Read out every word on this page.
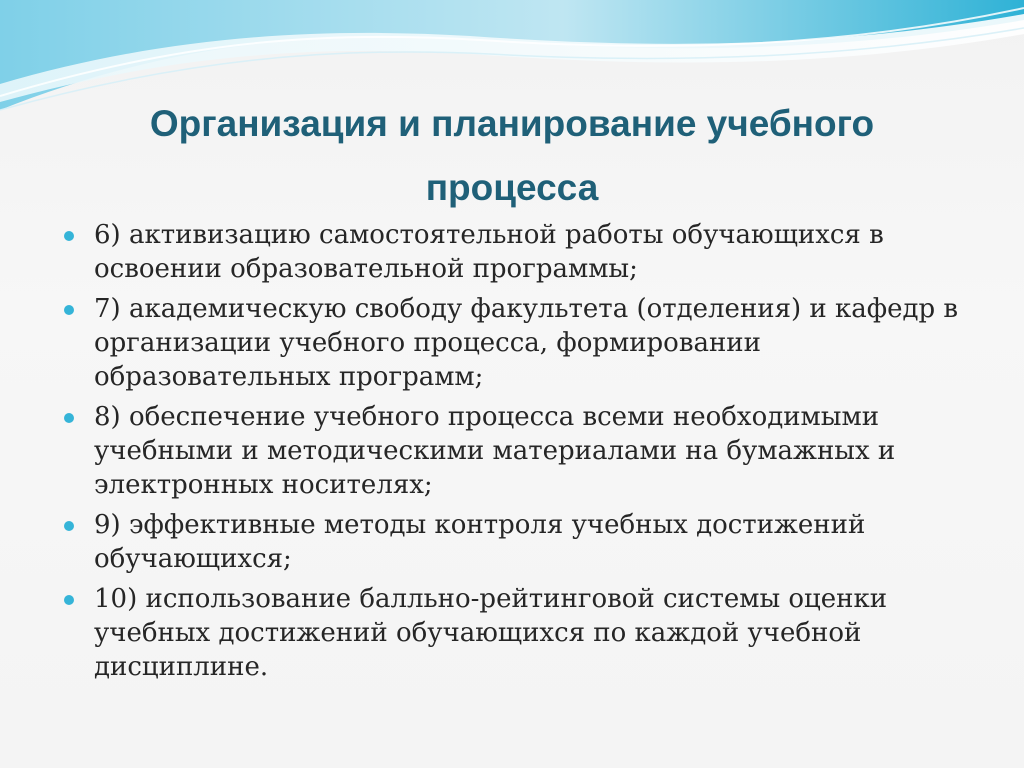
Организация и планирование учебного процесса
6) активизацию самостоятельной работы обучающихся в освоении образовательной программы;
7) академическую свободу факультета (отделения) и кафедр в организации учебного процесса, формировании образовательных программ;
8) обеспечение учебного процесса всеми необходимыми учебными и методическими материалами на бумажных и электронных носителях;
9) эффективные методы контроля учебных достижений обучающихся;
10) использование балльно-рейтинговой системы оценки учебных достижений обучающихся по каждой учебной дисциплине.
